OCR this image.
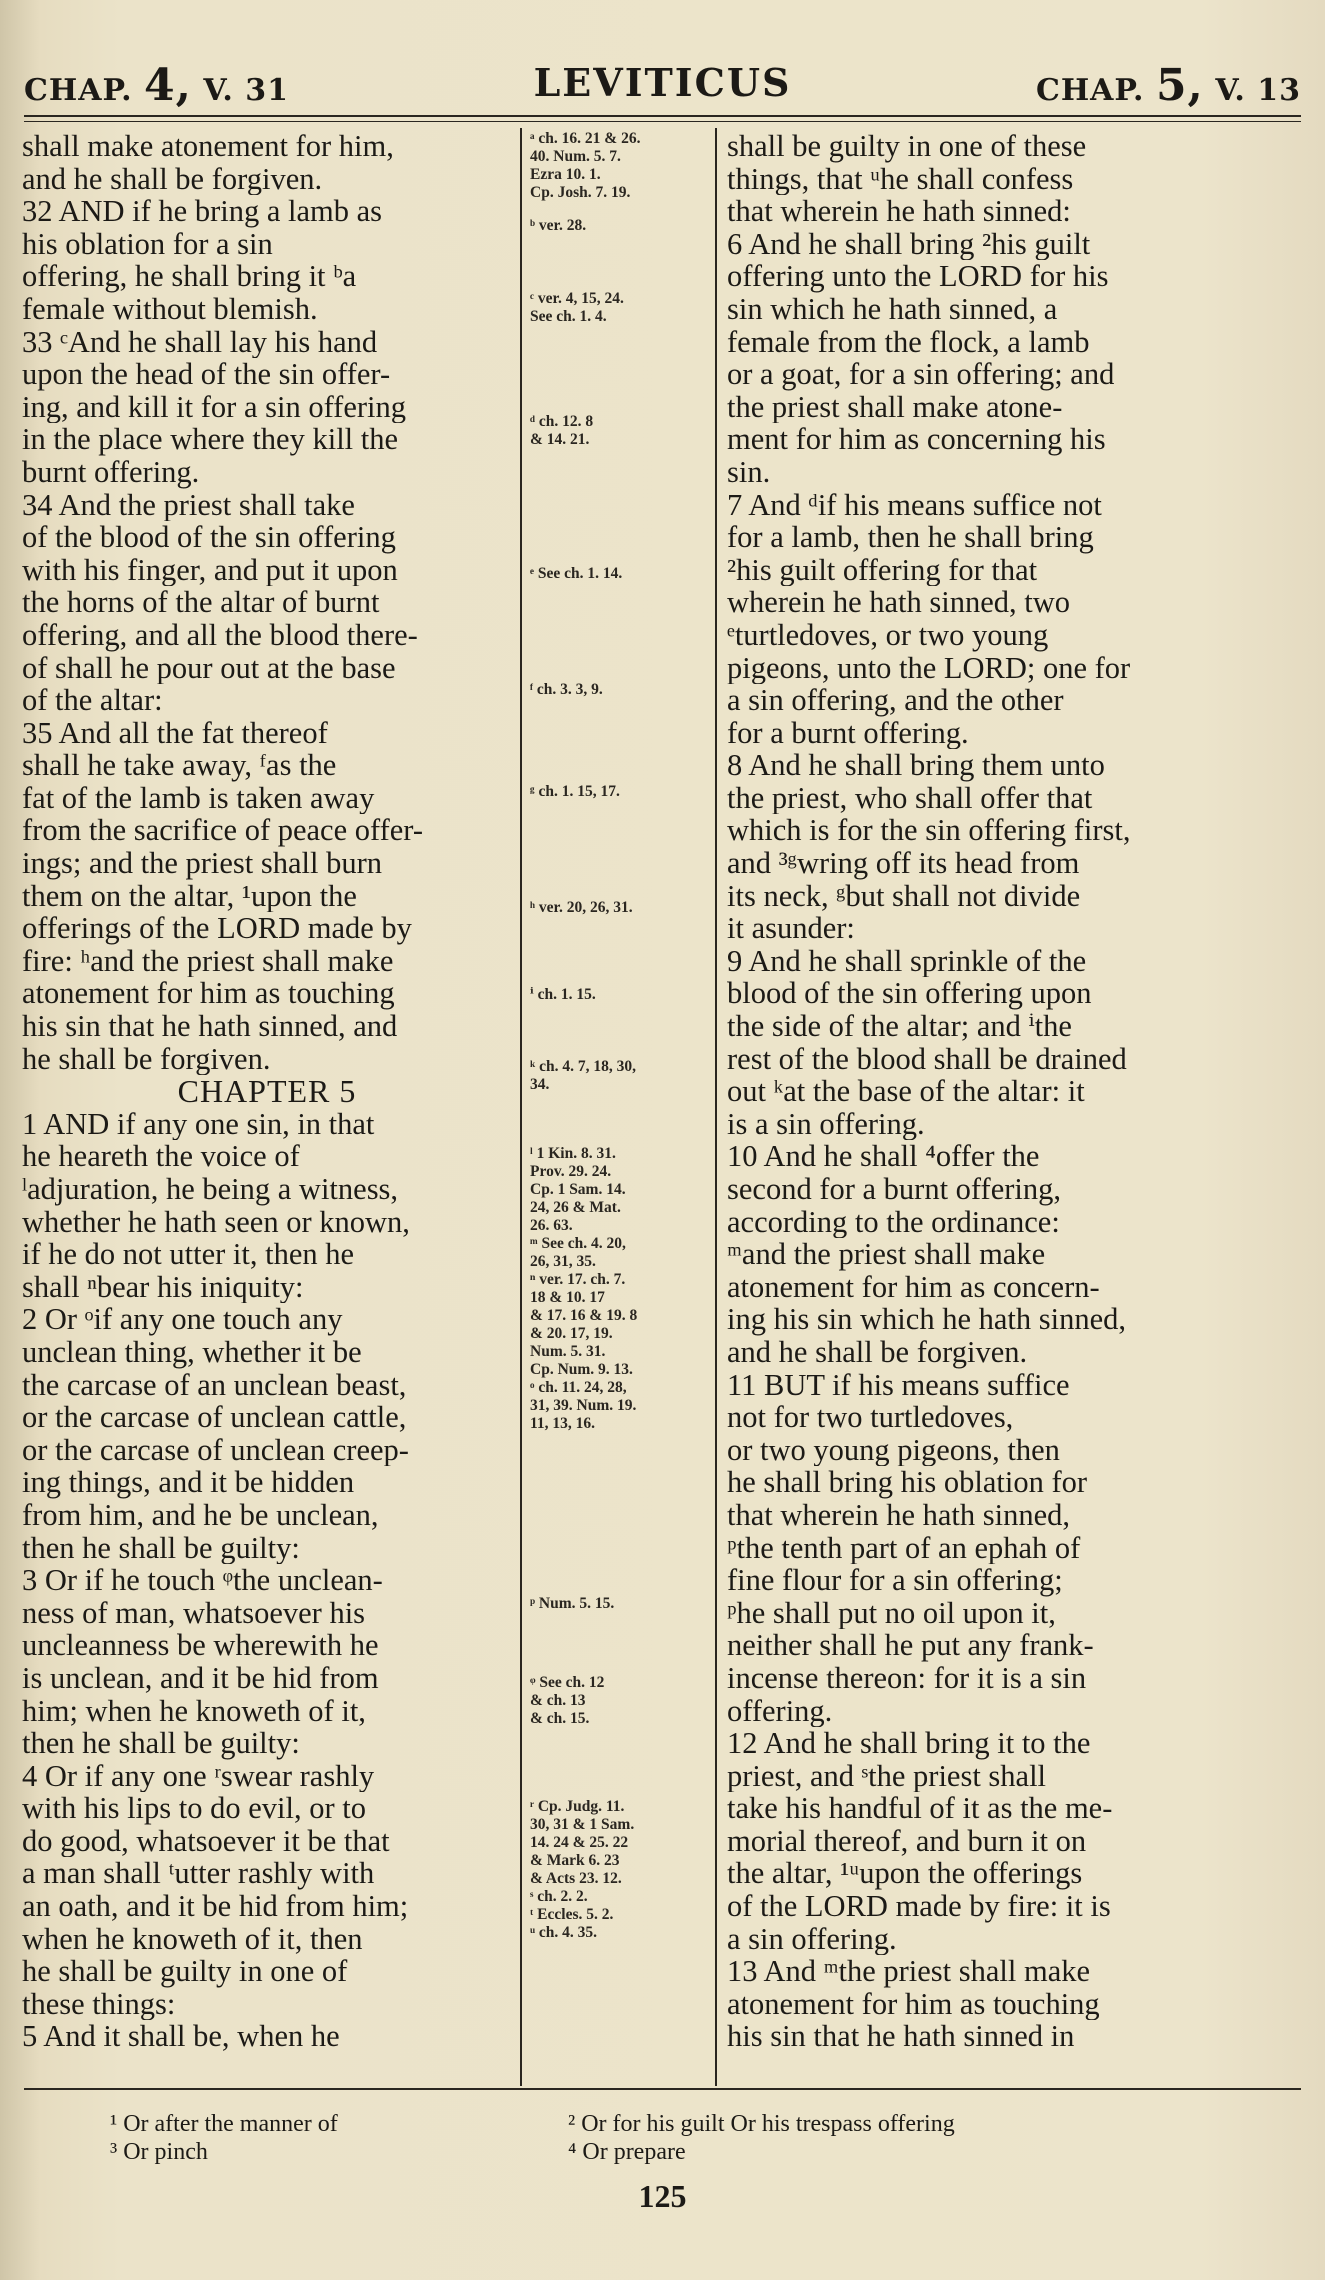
CHAP. 4, V. 31	LEVITICUS	CHAP. 5, V. 13
shall make atonement for him,
and he shall be forgiven.
32 AND if he bring a lamb as
his oblation for a sin
offering, he shall bring it ᵇa
female without blemish.
33 ᶜAnd he shall lay his hand
upon the head of the sin offer-
ing, and kill it for a sin offering
in the place where they kill the
burnt offering.
34 And the priest shall take
of the blood of the sin offering
with his finger, and put it upon
the horns of the altar of burnt
offering, and all the blood there-
of shall he pour out at the base
of the altar:
35 And all the fat thereof
shall he take away, ᶠas the
fat of the lamb is taken away
from the sacrifice of peace offer-
ings; and the priest shall burn
them on the altar, ¹upon the
offerings of the LORD made by
fire: ʰand the priest shall make
atonement for him as touching
his sin that he hath sinned, and
he shall be forgiven.
CHAPTER 5
1 AND if any one sin, in that
he heareth the voice of
ˡadjuration, he being a witness,
whether he hath seen or known,
if he do not utter it, then he
shall ⁿbear his iniquity:
2 Or ᵒif any one touch any
unclean thing, whether it be
the carcase of an unclean beast,
or the carcase of unclean cattle,
or the carcase of unclean creep-
ing things, and it be hidden
from him, and he be unclean,
then he shall be guilty:
3 Or if he touch ᵠthe unclean-
ness of man, whatsoever his
uncleanness be wherewith he
is unclean, and it be hid from
him; when he knoweth of it,
then he shall be guilty:
4 Or if any one ʳswear rashly
with his lips to do evil, or to
do good, whatsoever it be that
a man shall ᵗutter rashly with
an oath, and it be hid from him;
when he knoweth of it, then
he shall be guilty in one of
these things:
5 And it shall be, when he
ᵃ ch. 16. 21 & 26.
40. Num. 5. 7.
Ezra 10. 1.
Cp. Josh. 7. 19.
ᵇ ver. 28.
ᶜ ver. 4, 15, 24.
See ch. 1. 4.
ᵈ ch. 12. 8
& 14. 21.
ᵉ See ch. 1. 14.
ᶠ ch. 3. 3, 9.
ᵍ ch. 1. 15, 17.
ʰ ver. 20, 26, 31.
ⁱ ch. 1. 15.
ᵏ ch. 4. 7, 18, 30,
34.
ˡ 1 Kin. 8. 31.
Prov. 29. 24.
Cp. 1 Sam. 14.
24, 26 & Mat.
26. 63.
ᵐ See ch. 4. 20,
26, 31, 35.
ⁿ ver. 17. ch. 7.
18 & 10. 17
& 17. 16 & 19. 8
& 20. 17, 19.
Num. 5. 31.
Cp. Num. 9. 13.
ᵒ ch. 11. 24, 28,
31, 39. Num. 19.
11, 13, 16.
ᵖ Num. 5. 15.
ᵠ See ch. 12
& ch. 13
& ch. 15.
ʳ Cp. Judg. 11.
30, 31 & 1 Sam.
14. 24 & 25. 22
& Mark 6. 23
& Acts 23. 12.
ˢ ch. 2. 2.
ᵗ Eccles. 5. 2.
ᵘ ch. 4. 35.
shall be guilty in one of these
things, that ᵘhe shall confess
that wherein he hath sinned:
6 And he shall bring ²his guilt
offering unto the LORD for his
sin which he hath sinned, a
female from the flock, a lamb
or a goat, for a sin offering; and
the priest shall make atone-
ment for him as concerning his
sin.
7 And ᵈif his means suffice not
for a lamb, then he shall bring
²his guilt offering for that
wherein he hath sinned, two
ᵉturtledoves, or two young
pigeons, unto the LORD; one for
a sin offering, and the other
for a burnt offering.
8 And he shall bring them unto
the priest, who shall offer that
which is for the sin offering first,
and ³ᵍwring off its head from
its neck, ᵍbut shall not divide
it asunder:
9 And he shall sprinkle of the
blood of the sin offering upon
the side of the altar; and ⁱthe
rest of the blood shall be drained
out ᵏat the base of the altar: it
is a sin offering.
10 And he shall ⁴offer the
second for a burnt offering,
according to the ordinance:
ᵐand the priest shall make
atonement for him as concern-
ing his sin which he hath sinned,
and he shall be forgiven.
11 BUT if his means suffice
not for two turtledoves,
or two young pigeons, then
he shall bring his oblation for
that wherein he hath sinned,
ᵖthe tenth part of an ephah of
fine flour for a sin offering;
ᵖhe shall put no oil upon it,
neither shall he put any frank-
incense thereon: for it is a sin
offering.
12 And he shall bring it to the
priest, and ˢthe priest shall
take his handful of it as the me-
morial thereof, and burn it on
the altar, ¹ᵘupon the offerings
of the LORD made by fire: it is
a sin offering.
13 And ᵐthe priest shall make
atonement for him as touching
his sin that he hath sinned in
¹ Or after the manner of
³ Or pinch
² Or for his guilt Or his trespass offering
⁴ Or prepare
125
